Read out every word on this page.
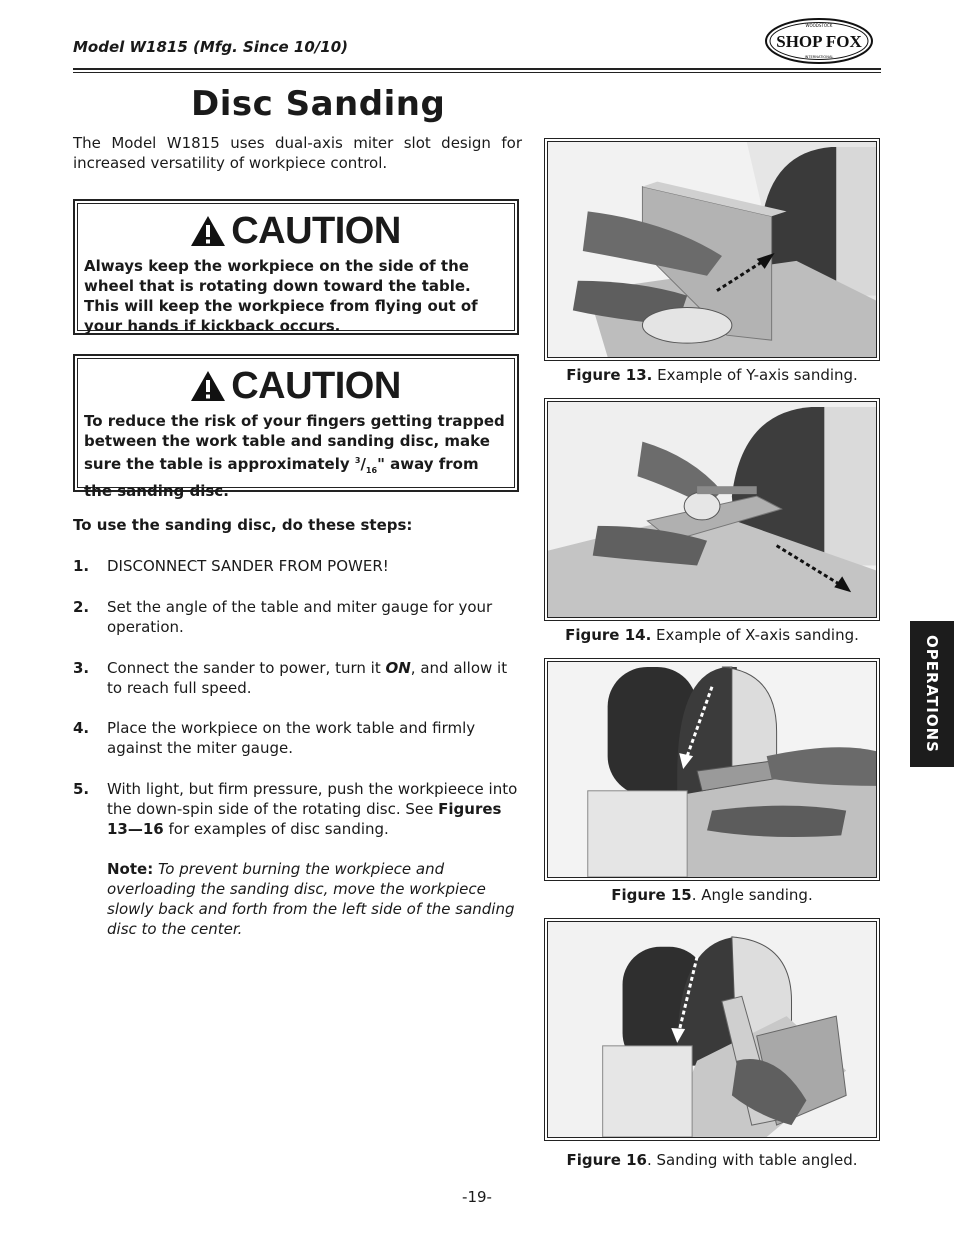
Model W1815 (Mfg. Since 10/10)
WOODSTOCK
SHOP FOX
INTERNATIONAL
Disc Sanding
The Model W1815 uses dual-axis miter slot design for increased versatility of workpiece control.
CAUTION
Always keep the workpiece on the side of the wheel that is rotating down toward the table. This will keep the workpiece from flying out of your hands if kickback occurs.
CAUTION
To reduce the risk of your fingers getting trapped between the work table and sanding disc, make sure the table is approximately $^3/_{16}$" away from the sanding disc.
To use the sanding disc, do these steps:
1.	DISCONNECT SANDER FROM POWER!
2.	Set the angle of the table and miter gauge for your operation.
3.	Connect the sander to power, turn it ON, and allow it to reach full speed.
4.	Place the workpiece on the work table and firmly against the miter gauge.
5.	With light, but firm pressure, push the workpieece into the down-spin side of the rotating disc. See Figures 13—16 for examples of disc sanding.
Note: To prevent burning the workpiece and overloading the sanding disc, move the workpiece slowly back and forth from the left side of the sanding disc to the center.
Figure 13. Example of Y-axis sanding.
Figure 14. Example of X-axis sanding.
Figure 15. Angle sanding.
Figure 16. Sanding with table angled.
OPERATIONS
-19-
